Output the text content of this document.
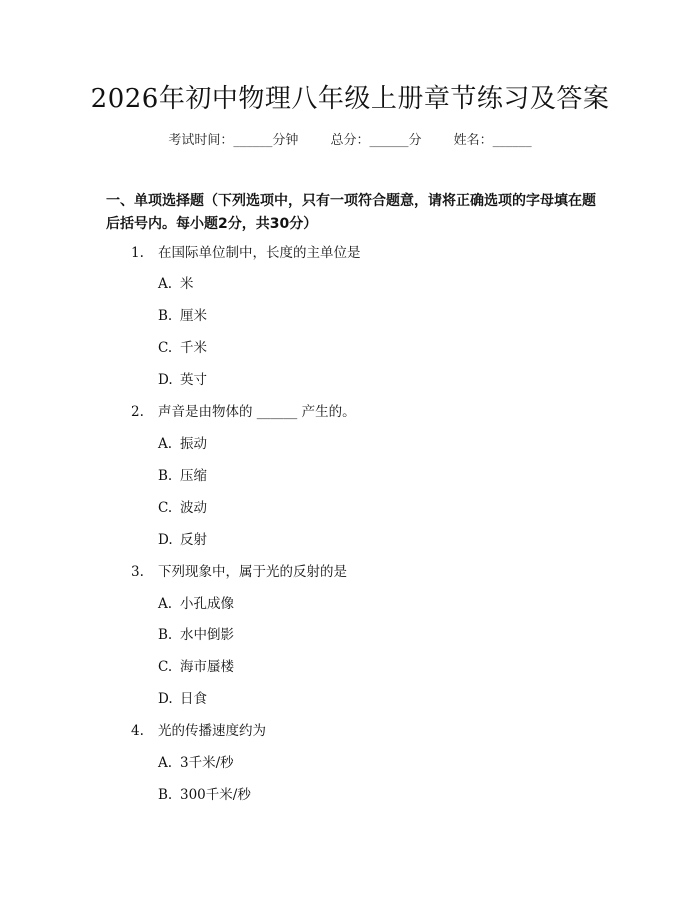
2026年初中物理八年级上册章节练习及答案
考试时间：______分钟 总分：______分 姓名：______
一、单项选择题（下列选项中，只有一项符合题意，请将正确选项的字母填在题后括号内。每小题2分，共30分）
1. 在国际单位制中，长度的主单位是
A. 米
B. 厘米
C. 千米
D. 英寸
2. 声音是由物体的 ______ 产生的。
A. 振动
B. 压缩
C. 波动
D. 反射
3. 下列现象中，属于光的反射的是
A. 小孔成像
B. 水中倒影
C. 海市蜃楼
D. 日食
4. 光的传播速度约为
A. 3千米/秒
B. 300千米/秒
